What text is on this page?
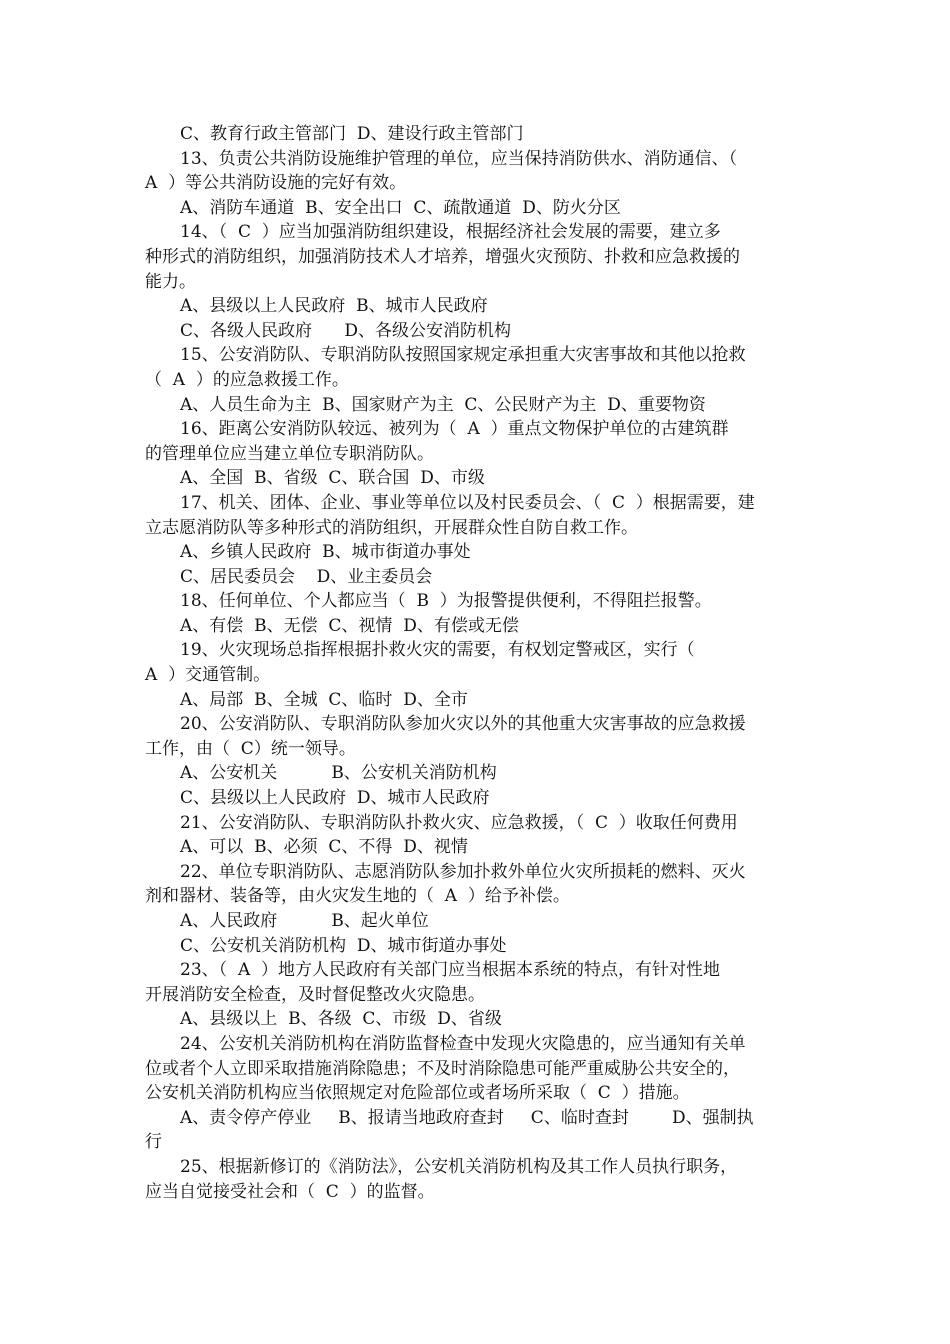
C、教育行政主管部门  D、建设行政主管部门
13、负责公共消防设施维护管理的单位，应当保持消防供水、消防通信、（
A  ）等公共消防设施的完好有效。
A、消防车通道  B、安全出口  C、疏散通道  D、防火分区
14、（  C  ）应当加强消防组织建设，根据经济社会发展的需要，建立多
种形式的消防组织，加强消防技术人才培养，增强火灾预防、扑救和应急救援的
能力。
A、县级以上人民政府  B、城市人民政府
C、各级人民政府      D、各级公安消防机构
15、公安消防队、专职消防队按照国家规定承担重大灾害事故和其他以抢救
（  A  ）的应急救援工作。
A、人员生命为主  B、国家财产为主  C、公民财产为主  D、重要物资
16、距离公安消防队较远、被列为（  A  ）重点文物保护单位的古建筑群
的管理单位应当建立单位专职消防队。
A、全国  B、省级  C、联合国  D、市级
17、机关、团体、企业、事业等单位以及村民委员会、（  C  ）根据需要，建
立志愿消防队等多种形式的消防组织，开展群众性自防自救工作。
A、乡镇人民政府  B、城市街道办事处
C、居民委员会    D、业主委员会
18、任何单位、个人都应当（  B  ）为报警提供便利，不得阻拦报警。
A、有偿  B、无偿  C、视情  D、有偿或无偿
19、火灾现场总指挥根据扑救火灾的需要，有权划定警戒区，实行（
A  ）交通管制。
A、局部  B、全城  C、临时  D、全市
20、公安消防队、专职消防队参加火灾以外的其他重大灾害事故的应急救援
工作，由（  C）统一领导。
A、公安机关          B、公安机关消防机构
C、县级以上人民政府  D、城市人民政府
21、公安消防队、专职消防队扑救火灾、应急救援，（  C  ）收取任何费用
A、可以  B、必须  C、不得  D、视情
22、单位专职消防队、志愿消防队参加扑救外单位火灾所损耗的燃料、灭火
剂和器材、装备等，由火灾发生地的（  A  ）给予补偿。
A、人民政府          B、起火单位
C、公安机关消防机构  D、城市街道办事处
23、（  A  ）地方人民政府有关部门应当根据本系统的特点，有针对性地
开展消防安全检查，及时督促整改火灾隐患。
A、县级以上  B、各级  C、市级  D、省级
24、公安机关消防机构在消防监督检查中发现火灾隐患的，应当通知有关单
位或者个人立即采取措施消除隐患；不及时消除隐患可能严重威胁公共安全的，
公安机关消防机构应当依照规定对危险部位或者场所采取（  C  ）措施。
A、责令停产停业     B、报请当地政府查封     C、临时查封        D、强制执
行
25、根据新修订的《消防法》，公安机关消防机构及其工作人员执行职务，
应当自觉接受社会和（  C  ）的监督。
